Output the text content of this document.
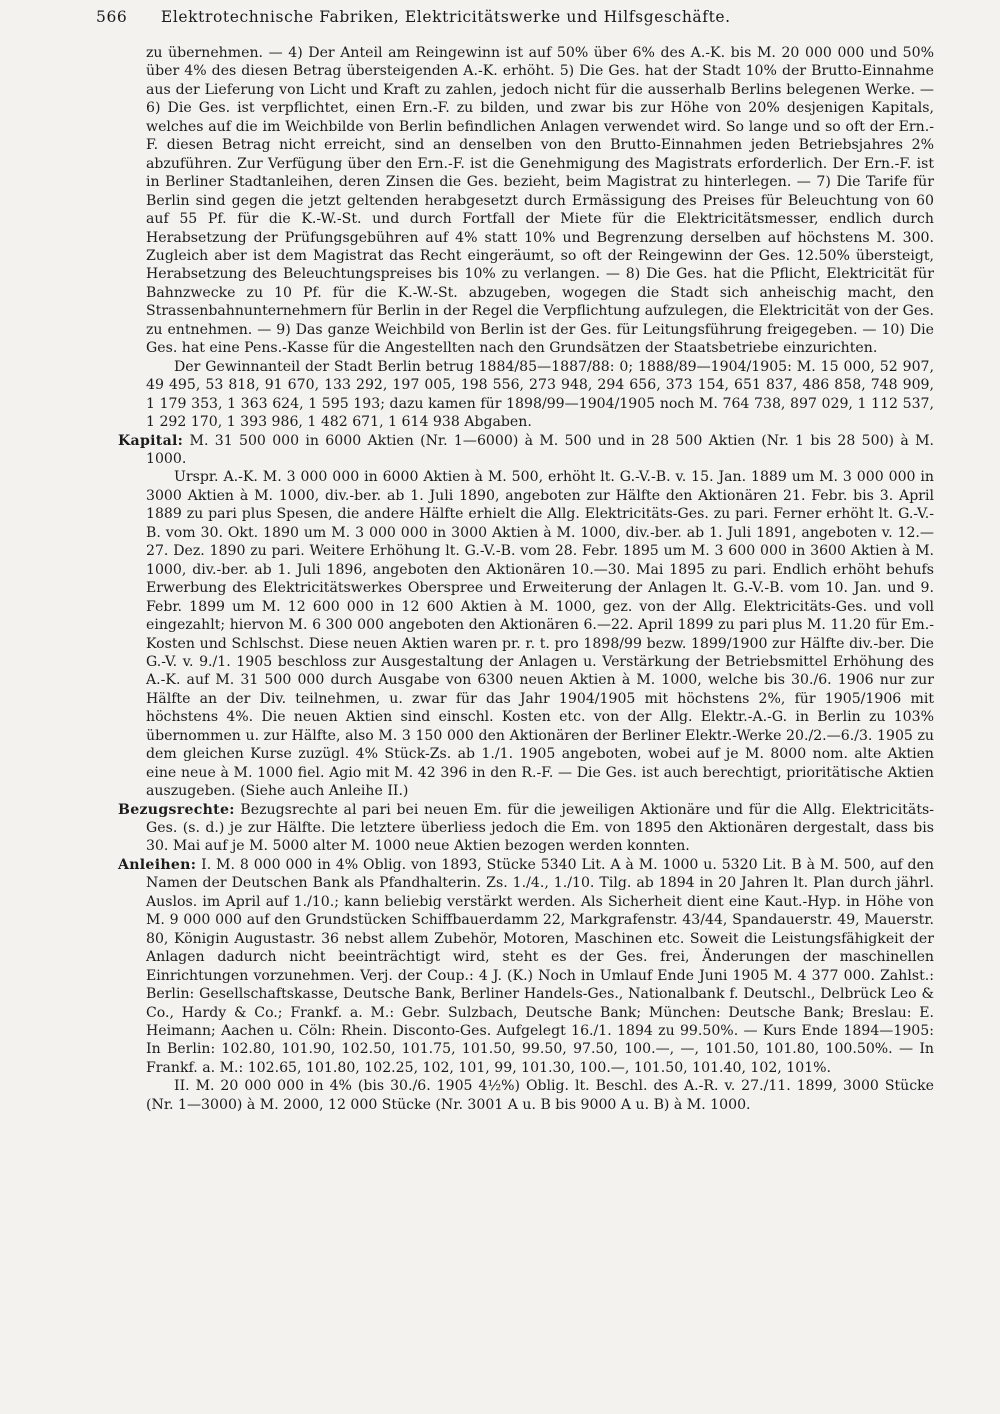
566 Elektrotechnische Fabriken, Elektricitätswerke und Hilfsgeschäfte.

zu übernehmen. — 4) Der Anteil am Reingewinn ist auf 50% über 6% des A.-K. bis M. 20 000 000 und 50% über 4% des diesen Betrag übersteigenden A.-K. erhöht. 5) Die Ges. hat der Stadt 10% der Brutto-Einnahme aus der Lieferung von Licht und Kraft zu zahlen, jedoch nicht für die ausserhalb Berlins belegenen Werke. — 6) Die Ges. ist verpflichtet, einen Ern.-F. zu bilden, und zwar bis zur Höhe von 20% desjenigen Kapitals, welches auf die im Weichbilde von Berlin befindlichen Anlagen verwendet wird. So lange und so oft der Ern.-F. diesen Betrag nicht erreicht, sind an denselben von den Brutto-Einnahmen jeden Betriebsjahres 2% abzuführen. Zur Verfügung über den Ern.-F. ist die Genehmigung des Magistrats erforderlich. Der Ern.-F. ist in Berliner Stadtanleihen, deren Zinsen die Ges. bezieht, beim Magistrat zu hinterlegen. — 7) Die Tarife für Berlin sind gegen die jetzt geltenden herabgesetzt durch Ermässigung des Preises für Beleuchtung von 60 auf 55 Pf. für die K.-W.-St. und durch Fortfall der Miete für die Elektricitätsmesser, endlich durch Herabsetzung der Prüfungsgebühren auf 4% statt 10% und Begrenzung derselben auf höchstens M. 300. Zugleich aber ist dem Magistrat das Recht eingeräumt, so oft der Reingewinn der Ges. 12.50% übersteigt, Herabsetzung des Beleuchtungspreises bis 10% zu verlangen. — 8) Die Ges. hat die Pflicht, Elektricität für Bahnzwecke zu 10 Pf. für die K.-W.-St. abzugeben, wogegen die Stadt sich anheischig macht, den Strassenbahnunternehmern für Berlin in der Regel die Verpflichtung aufzulegen, die Elektricität von der Ges. zu entnehmen. — 9) Das ganze Weichbild von Berlin ist der Ges. für Leitungsführung freigegeben. — 10) Die Ges. hat eine Pens.-Kasse für die Angestellten nach den Grundsätzen der Staatsbetriebe einzurichten.

Der Gewinnanteil der Stadt Berlin betrug 1884/85—1887/88: 0; 1888/89—1904/1905: M. 15 000, 52 907, 49 495, 53 818, 91 670, 133 292, 197 005, 198 556, 273 948, 294 656, 373 154, 651 837, 486 858, 748 909, 1 179 353, 1 363 624, 1 595 193; dazu kamen für 1898/99—1904/1905 noch M. 764 738, 897 029, 1 112 537, 1 292 170, 1 393 986, 1 482 671, 1 614 938 Abgaben.

Kapital: M. 31 500 000 in 6000 Aktien (Nr. 1—6000) à M. 500 und in 28 500 Aktien (Nr. 1 bis 28 500) à M. 1000.

Urspr. A.-K. M. 3 000 000 in 6000 Aktien à M. 500, erhöht lt. G.-V.-B. v. 15. Jan. 1889 um M. 3 000 000 in 3000 Aktien à M. 1000, div.-ber. ab 1. Juli 1890, angeboten zur Hälfte den Aktionären 21. Febr. bis 3. April 1889 zu pari plus Spesen, die andere Hälfte erhielt die Allg. Elektricitäts-Ges. zu pari. Ferner erhöht lt. G.-V.-B. vom 30. Okt. 1890 um M. 3 000 000 in 3000 Aktien à M. 1000, div.-ber. ab 1. Juli 1891, angeboten v. 12.—27. Dez. 1890 zu pari. Weitere Erhöhung lt. G.-V.-B. vom 28. Febr. 1895 um M. 3 600 000 in 3600 Aktien à M. 1000, div.-ber. ab 1. Juli 1896, angeboten den Aktionären 10.—30. Mai 1895 zu pari. Endlich erhöht behufs Erwerbung des Elektricitätswerkes Oberspree und Erweiterung der Anlagen lt. G.-V.-B. vom 10. Jan. und 9. Febr. 1899 um M. 12 600 000 in 12 600 Aktien à M. 1000, gez. von der Allg. Elektricitäts-Ges. und voll eingezahlt; hiervon M. 6 300 000 angeboten den Aktionären 6.—22. April 1899 zu pari plus M. 11.20 für Em.-Kosten und Schlschst. Diese neuen Aktien waren pr. r. t. pro 1898/99 bezw. 1899/1900 zur Hälfte div.-ber. Die G.-V. v. 9./1. 1905 beschloss zur Ausgestaltung der Anlagen u. Verstärkung der Betriebsmittel Erhöhung des A.-K. auf M. 31 500 000 durch Ausgabe von 6300 neuen Aktien à M. 1000, welche bis 30./6. 1906 nur zur Hälfte an der Div. teilnehmen, u. zwar für das Jahr 1904/1905 mit höchstens 2%, für 1905/1906 mit höchstens 4%. Die neuen Aktien sind einschl. Kosten etc. von der Allg. Elektr.-A.-G. in Berlin zu 103% übernommen u. zur Hälfte, also M. 3 150 000 den Aktionären der Berliner Elektr.-Werke 20./2.—6./3. 1905 zu dem gleichen Kurse zuzügl. 4% Stück-Zs. ab 1./1. 1905 angeboten, wobei auf je M. 8000 nom. alte Aktien eine neue à M. 1000 fiel. Agio mit M. 42 396 in den R.-F. — Die Ges. ist auch berechtigt, prioritätische Aktien auszugeben. (Siehe auch Anleihe II.)

Bezugsrechte: Bezugsrechte al pari bei neuen Em. für die jeweiligen Aktionäre und für die Allg. Elektricitäts-Ges. (s. d.) je zur Hälfte. Die letztere überliess jedoch die Em. von 1895 den Aktionären dergestalt, dass bis 30. Mai auf je M. 5000 alter M. 1000 neue Aktien bezogen werden konnten.

Anleihen: I. M. 8 000 000 in 4% Oblig. von 1893, Stücke 5340 Lit. A à M. 1000 u. 5320 Lit. B à M. 500, auf den Namen der Deutschen Bank als Pfandhalterin. Zs. 1./4., 1./10. Tilg. ab 1894 in 20 Jahren lt. Plan durch jährl. Auslos. im April auf 1./10.; kann beliebig verstärkt werden. Als Sicherheit dient eine Kaut.-Hyp. in Höhe von M. 9 000 000 auf den Grundstücken Schiffbauerdamm 22, Markgrafenstr. 43/44, Spandauerstr. 49, Mauerstr. 80, Königin Augustastr. 36 nebst allem Zubehör, Motoren, Maschinen etc. Soweit die Leistungsfähigkeit der Anlagen dadurch nicht beeinträchtigt wird, steht es der Ges. frei, Änderungen der maschinellen Einrichtungen vorzunehmen. Verj. der Coup.: 4 J. (K.) Noch in Umlauf Ende Juni 1905 M. 4 377 000. Zahlst.: Berlin: Gesellschaftskasse, Deutsche Bank, Berliner Handels-Ges., Nationalbank f. Deutschl., Delbrück Leo & Co., Hardy & Co.; Frankf. a. M.: Gebr. Sulzbach, Deutsche Bank; München: Deutsche Bank; Breslau: E. Heimann; Aachen u. Cöln: Rhein. Disconto-Ges. Aufgelegt 16./1. 1894 zu 99.50%. — Kurs Ende 1894—1905: In Berlin: 102.80, 101.90, 102.50, 101.75, 101.50, 99.50, 97.50, 100.—, —, 101.50, 101.80, 100.50%. — In Frankf. a. M.: 102.65, 101.80, 102.25, 102, 101, 99, 101.30, 100.—, 101.50, 101.40, 102, 101%.

II. M. 20 000 000 in 4% (bis 30./6. 1905 4½%) Oblig. lt. Beschl. des A.-R. v. 27./11. 1899, 3000 Stücke (Nr. 1—3000) à M. 2000, 12 000 Stücke (Nr. 3001 A u. B bis 9000 A u. B) à M. 1000.
